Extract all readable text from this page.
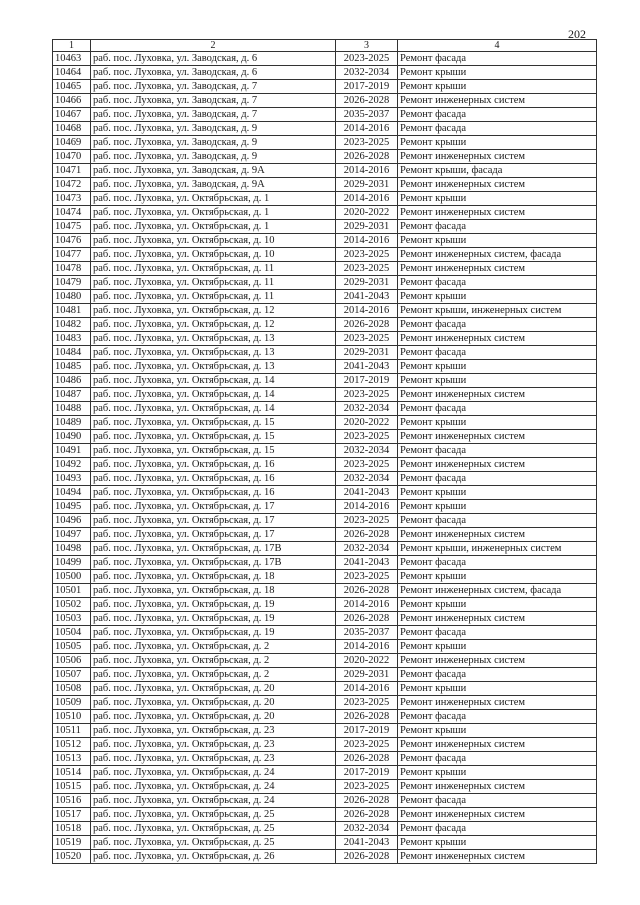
202
1	2	3	4
10463	раб. пос. Луховка, ул. Заводская, д. 6	2023-2025	Ремонт фасада
10464	раб. пос. Луховка, ул. Заводская, д. 6	2032-2034	Ремонт крыши
10465	раб. пос. Луховка, ул. Заводская, д. 7	2017-2019	Ремонт крыши
10466	раб. пос. Луховка, ул. Заводская, д. 7	2026-2028	Ремонт инженерных систем
10467	раб. пос. Луховка, ул. Заводская, д. 7	2035-2037	Ремонт фасада
10468	раб. пос. Луховка, ул. Заводская, д. 9	2014-2016	Ремонт фасада
10469	раб. пос. Луховка, ул. Заводская, д. 9	2023-2025	Ремонт крыши
10470	раб. пос. Луховка, ул. Заводская, д. 9	2026-2028	Ремонт инженерных систем
10471	раб. пос. Луховка, ул. Заводская, д. 9А	2014-2016	Ремонт крыши, фасада
10472	раб. пос. Луховка, ул. Заводская, д. 9А	2029-2031	Ремонт инженерных систем
10473	раб. пос. Луховка, ул. Октябрьская, д. 1	2014-2016	Ремонт крыши
10474	раб. пос. Луховка, ул. Октябрьская, д. 1	2020-2022	Ремонт инженерных систем
10475	раб. пос. Луховка, ул. Октябрьская, д. 1	2029-2031	Ремонт фасада
10476	раб. пос. Луховка, ул. Октябрьская, д. 10	2014-2016	Ремонт крыши
10477	раб. пос. Луховка, ул. Октябрьская, д. 10	2023-2025	Ремонт инженерных систем, фасада
10478	раб. пос. Луховка, ул. Октябрьская, д. 11	2023-2025	Ремонт инженерных систем
10479	раб. пос. Луховка, ул. Октябрьская, д. 11	2029-2031	Ремонт фасада
10480	раб. пос. Луховка, ул. Октябрьская, д. 11	2041-2043	Ремонт крыши
10481	раб. пос. Луховка, ул. Октябрьская, д. 12	2014-2016	Ремонт крыши, инженерных систем
10482	раб. пос. Луховка, ул. Октябрьская, д. 12	2026-2028	Ремонт фасада
10483	раб. пос. Луховка, ул. Октябрьская, д. 13	2023-2025	Ремонт инженерных систем
10484	раб. пос. Луховка, ул. Октябрьская, д. 13	2029-2031	Ремонт фасада
10485	раб. пос. Луховка, ул. Октябрьская, д. 13	2041-2043	Ремонт крыши
10486	раб. пос. Луховка, ул. Октябрьская, д. 14	2017-2019	Ремонт крыши
10487	раб. пос. Луховка, ул. Октябрьская, д. 14	2023-2025	Ремонт инженерных систем
10488	раб. пос. Луховка, ул. Октябрьская, д. 14	2032-2034	Ремонт фасада
10489	раб. пос. Луховка, ул. Октябрьская, д. 15	2020-2022	Ремонт крыши
10490	раб. пос. Луховка, ул. Октябрьская, д. 15	2023-2025	Ремонт инженерных систем
10491	раб. пос. Луховка, ул. Октябрьская, д. 15	2032-2034	Ремонт фасада
10492	раб. пос. Луховка, ул. Октябрьская, д. 16	2023-2025	Ремонт инженерных систем
10493	раб. пос. Луховка, ул. Октябрьская, д. 16	2032-2034	Ремонт фасада
10494	раб. пос. Луховка, ул. Октябрьская, д. 16	2041-2043	Ремонт крыши
10495	раб. пос. Луховка, ул. Октябрьская, д. 17	2014-2016	Ремонт крыши
10496	раб. пос. Луховка, ул. Октябрьская, д. 17	2023-2025	Ремонт фасада
10497	раб. пос. Луховка, ул. Октябрьская, д. 17	2026-2028	Ремонт инженерных систем
10498	раб. пос. Луховка, ул. Октябрьская, д. 17В	2032-2034	Ремонт крыши, инженерных систем
10499	раб. пос. Луховка, ул. Октябрьская, д. 17В	2041-2043	Ремонт фасада
10500	раб. пос. Луховка, ул. Октябрьская, д. 18	2023-2025	Ремонт крыши
10501	раб. пос. Луховка, ул. Октябрьская, д. 18	2026-2028	Ремонт инженерных систем, фасада
10502	раб. пос. Луховка, ул. Октябрьская, д. 19	2014-2016	Ремонт крыши
10503	раб. пос. Луховка, ул. Октябрьская, д. 19	2026-2028	Ремонт инженерных систем
10504	раб. пос. Луховка, ул. Октябрьская, д. 19	2035-2037	Ремонт фасада
10505	раб. пос. Луховка, ул. Октябрьская, д. 2	2014-2016	Ремонт крыши
10506	раб. пос. Луховка, ул. Октябрьская, д. 2	2020-2022	Ремонт инженерных систем
10507	раб. пос. Луховка, ул. Октябрьская, д. 2	2029-2031	Ремонт фасада
10508	раб. пос. Луховка, ул. Октябрьская, д. 20	2014-2016	Ремонт крыши
10509	раб. пос. Луховка, ул. Октябрьская, д. 20	2023-2025	Ремонт инженерных систем
10510	раб. пос. Луховка, ул. Октябрьская, д. 20	2026-2028	Ремонт фасада
10511	раб. пос. Луховка, ул. Октябрьская, д. 23	2017-2019	Ремонт крыши
10512	раб. пос. Луховка, ул. Октябрьская, д. 23	2023-2025	Ремонт инженерных систем
10513	раб. пос. Луховка, ул. Октябрьская, д. 23	2026-2028	Ремонт фасада
10514	раб. пос. Луховка, ул. Октябрьская, д. 24	2017-2019	Ремонт крыши
10515	раб. пос. Луховка, ул. Октябрьская, д. 24	2023-2025	Ремонт инженерных систем
10516	раб. пос. Луховка, ул. Октябрьская, д. 24	2026-2028	Ремонт фасада
10517	раб. пос. Луховка, ул. Октябрьская, д. 25	2026-2028	Ремонт инженерных систем
10518	раб. пос. Луховка, ул. Октябрьская, д. 25	2032-2034	Ремонт фасада
10519	раб. пос. Луховка, ул. Октябрьская, д. 25	2041-2043	Ремонт крыши
10520	раб. пос. Луховка, ул. Октябрьская, д. 26	2026-2028	Ремонт инженерных систем
